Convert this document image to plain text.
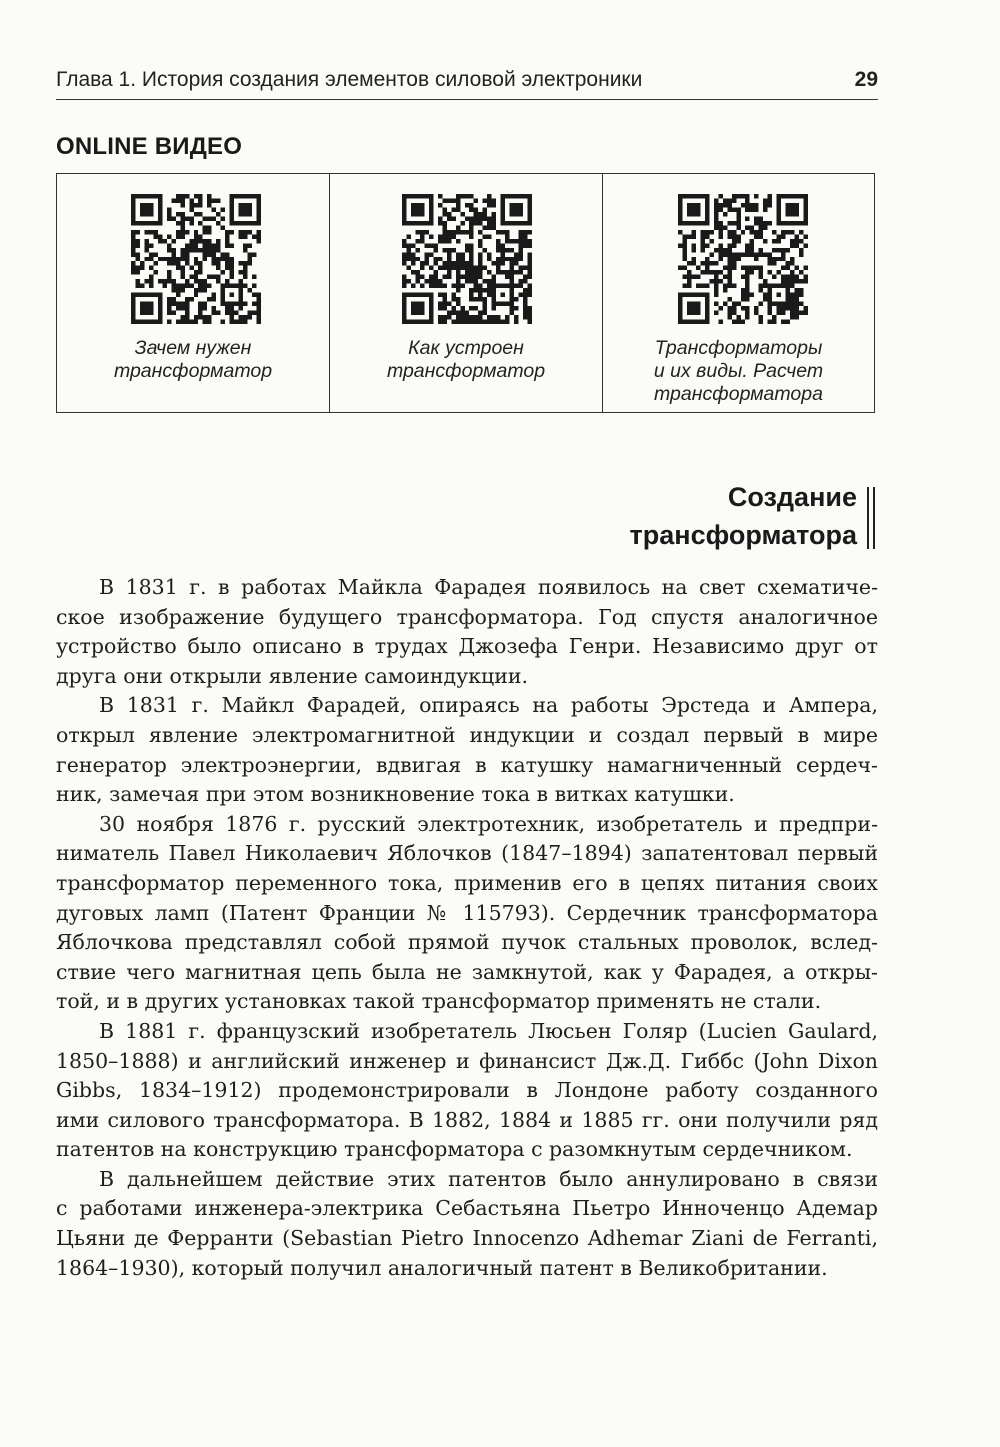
Глава 1. История создания элементов силовой электроники	29
ONLINE ВИДЕО
Зачем нужен
трансформатор
Как устроен
трансформатор
Трансформаторы
и их виды. Расчет
трансформатора
Создание
трансформатора

В 1831 г. в работах Майкла Фарадея появилось на свет схематиче-
ское изображение будущего трансформатора. Год спустя аналогичное
устройство было описано в трудах Джозефа Генри. Независимо друг от
друга они открыли явление самоиндукции.

В 1831 г. Майкл Фарадей, опираясь на работы Эрстеда и Ампера,
открыл явление электромагнитной индукции и создал первый в мире
генератор электроэнергии, вдвигая в катушку намагниченный сердеч-
ник, замечая при этом возникновение тока в витках катушки.

30 ноября 1876 г. русский электротехник, изобретатель и предпри-
ниматель Павел Николаевич Яблочков (1847–1894) запатентовал первый
трансформатор переменного тока, применив его в цепях питания своих
дуговых ламп (Патент Франции № 115793). Сердечник трансформатора
Яблочкова представлял собой прямой пучок стальных проволок, вслед-
ствие чего магнитная цепь была не замкнутой, как у Фарадея, а откры-
той, и в других установках такой трансформатор применять не стали.

В 1881 г. французский изобретатель Люсьен Голяр (Lucien Gaulard,
1850–1888) и английский инженер и финансист Дж.Д. Гиббс (John Dixon
Gibbs, 1834–1912) продемонстрировали в Лондоне работу созданного
ими силового трансформатора. В 1882, 1884 и 1885 гг. они получили ряд
патентов на конструкцию трансформатора с разомкнутым сердечником.

В дальнейшем действие этих патентов было аннулировано в связи
с работами инженера-электрика Себастьяна Пьетро Инноченцо Адемар
Цьяни де Ферранти (Sebastian Pietro Innocenzo Adhemar Ziani de Ferranti,
1864–1930), который получил аналогичный патент в Великобритании.
